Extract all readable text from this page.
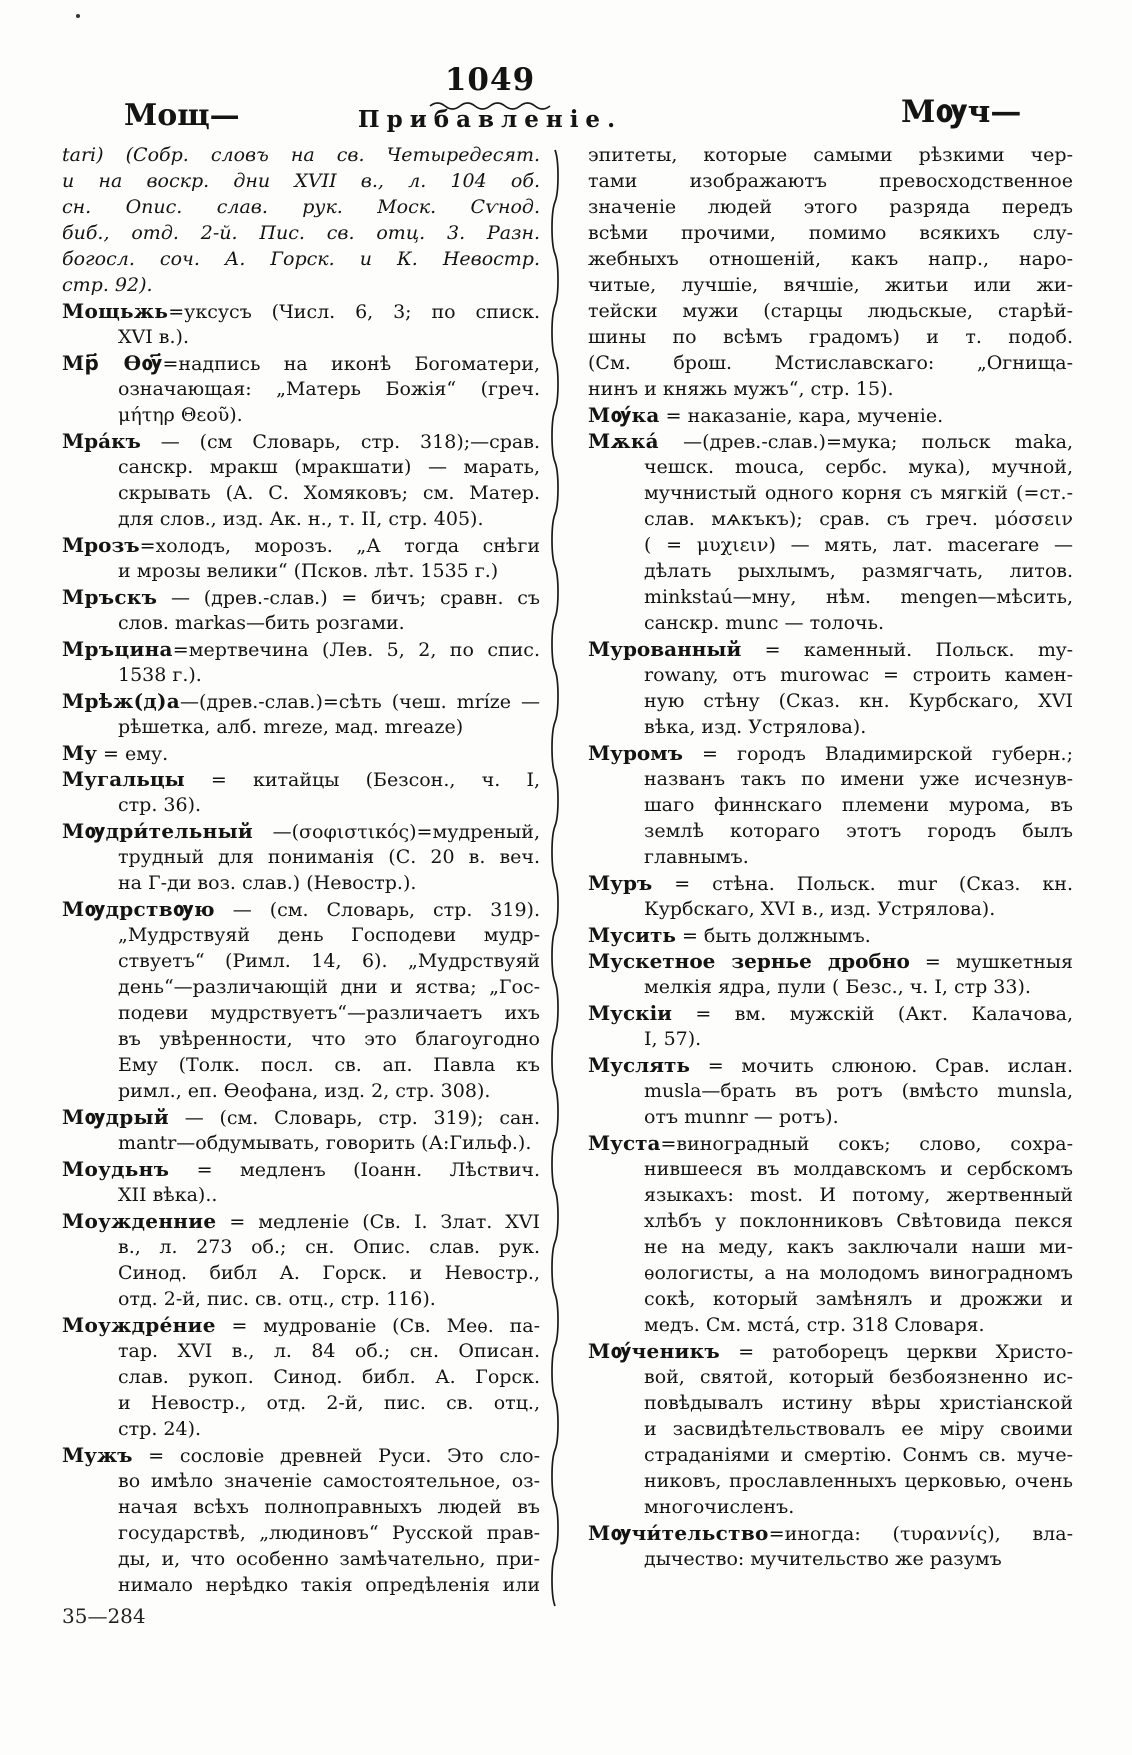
1049
Мощ—	Прибавленіе.	Мѹч—
tari) (Собр. словъ на св. Четыредесят.
и на воскр. дни XVII в., л. 104 об.
сн. Опис. слав. рук. Моск. Сѵнод.
биб., отд. 2-й. Пис. св. отц. 3. Разн.
богосл. соч. А. Горск. и К. Невостр.
стр. 92).
Мощьжь=уксусъ (Числ. 6, 3; по списк.
XVI в.).
Мр҃ Ѳѹ҃=надпись на иконѣ Богоматери,
означающая: „Матерь Божія“ (греч.
μήτηρ Θεοῦ).
Мра́къ — (см Словарь, стр. 318);—срав.
санскр. мракш (мракшати) — марать,
скрывать (А. С. Хомяковъ; см. Матер.
для слов., изд. Ак. н., т. II, стр. 405).
Мрозъ=холодъ, морозъ. „А тогда снѣги
и мрозы велики“ (Псков. лѣт. 1535 г.)
Мръскъ — (древ.-слав.) = бичъ; сравн. съ
слов. markas—бить розгами.
Мръцина=мертвечина (Лев. 5, 2, по спис.
1538 г.).
Мрѣж(д)а—(древ.-слав.)=сѣть (чеш. mríze —
рѣшетка, алб. mreze, мад. mreaze)
Му = ему.
Мугальцы = китайцы (Безсон., ч. I,
стр. 36).
Мѹдри́тельный —(σοφιστικός)=мудреный,
трудный для пониманія (С. 20 в. веч.
на Г-ди воз. слав.) (Невостр.).
Мѹдрствѹю — (см. Словарь, стр. 319).
„Мудрствуяй день Господеви мудр-
ствуетъ“ (Римл. 14, 6). „Мудрствуяй
день“—различающій дни и яства; „Гос-
подеви мудрствуетъ“—различаетъ ихъ
въ увѣренности, что это благоугодно
Ему (Толк. посл. св. ап. Павла къ
римл., еп. Ѳеофана, изд. 2, стр. 308).
Мѹдрый — (см. Словарь, стр. 319); сан.
mantr—обдумывать, говорить (А:Гильф.).
Моудьнъ = медленъ (Іоанн. Лѣствич.
XII вѣка)..
Моужденние = медленіе (Св. І. Злат. XVI
в., л. 273 об.; сн. Опис. слав. рук.
Синод. библ А. Горск. и Невостр.,
отд. 2-й, пис. св. отц., стр. 116).
Моуждре́ние = мудрованіе (Св. Меѳ. па-
тар. XVI в., л. 84 об.; сн. Описан.
слав. рукоп. Синод. библ. А. Горск.
и Невостр., отд. 2-й, пис. св. отц.,
стр. 24).
Мужъ = сословіе древней Руси. Это сло-
во имѣло значеніе самостоятельное, оз-
начая всѣхъ полноправныхъ людей въ
государствѣ, „людиновъ“ Русской прав-
ды, и, что особенно замѣчательно, при-
нимало нерѣдко такія опредѣленія или
эпитеты, которые самыми рѣзкими чер-
тами изображаютъ превосходственное
значеніе людей этого разряда передъ
всѣми прочими, помимо всякихъ слу-
жебныхъ отношеній, какъ напр., наро-
читые, лучшіе, вячшіе, житьи или жи-
тейски мужи (старцы людьскые, старѣй-
шины по всѣмъ градомъ) и т. подоб.
(См. брош. Мстиславскаго: „Огнища-
нинъ и княжь мужъ“, стр. 15).
Мѹ́ка = наказаніе, кара, мученіе.
Мѫка́ —(древ.-слав.)=мука; польск maka,
чешск. mouca, сербс. мука), мучной,
мучнистый одного корня съ мягкій (=ст.-
слав. мѧкъкъ); срав. съ греч. μόσσειν
( = μυχιειν) — мять, лат. macerare —
дѣлать рыхлымъ, размягчать, литов.
minkstaú—мну, нѣм. mengen—мѣсить,
санскр. munc — толочь.
Мурованный = каменный. Польск. my-
rowany, отъ murowac = строить камен-
ную стѣну (Сказ. кн. Курбскаго, XVI
вѣка, изд. Устрялова).
Муромъ = городъ Владимирской губерн.;
названъ такъ по имени уже исчезнув-
шаго финнскаго племени мурома, въ
землѣ котораго этотъ городъ былъ
главнымъ.
Муръ = стѣна. Польск. mur (Сказ. кн.
Курбскаго, XVI в., изд. Устрялова).
Мусить = быть должнымъ.
Мускетное зернье дробно = мушкетныя
мелкія ядра, пули ( Безс., ч. I, стр 33).
Мускіи = вм. мужскій (Акт. Калачова,
I, 57).
Муслять = мочить слюною. Срав. ислан.
musla—брать въ ротъ (вмѣсто munsla,
отъ munnr — ротъ).
Муста=виноградный сокъ; слово, сохра-
нившееся въ молдавскомъ и сербскомъ
языкахъ: most. И потому, жертвенный
хлѣбъ у поклонниковъ Свѣтовида пекся
не на меду, какъ заключали наши ми-
ѳологисты, а на молодомъ виноградномъ
сокѣ, который замѣнялъ и дрожжи и
медъ. См. мста́, стр. 318 Словаря.
Мѹ́ченикъ = ратоборецъ церкви Христо-
вой, святой, который безбоязненно ис-
повѣдывалъ истину вѣры христіанской
и засвидѣтельствовалъ ее міру своими
страданіями и смертію. Сонмъ св. муче-
никовъ, прославленныхъ церковью, очень
многочисленъ.
Мѹчи́тельство=иногда: (τυραννίς), вла-
дычество: мучительство же разумъ
35—284
